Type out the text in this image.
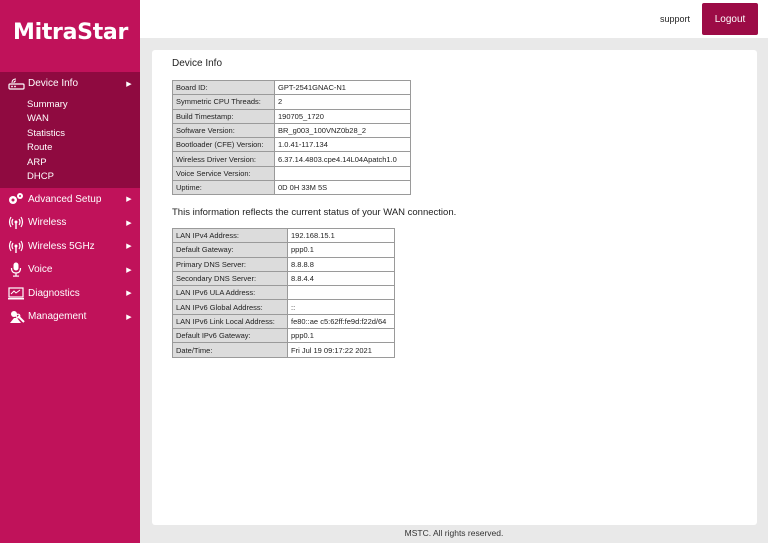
MitraStar
Device Info	▶
Summary
WAN
Statistics
Route
ARP
DHCP
Advanced Setup	▶
Wireless	▶
Wireless 5GHz	▶
Voice	▶
Diagnostics	▶
Management	▶
support	Logout
Device Info
Board ID:	GPT-2541GNAC-N1
Symmetric CPU Threads:	2
Build Timestamp:	190705_1720
Software Version:	BR_g003_100VNZ0b28_2
Bootloader (CFE) Version:	1.0.41-117.134
Wireless Driver Version:	6.37.14.4803.cpe4.14L04Apatch1.0
Voice Service Version:	
Uptime:	0D 0H 33M 5S
This information reflects the current status of your WAN connection.
LAN IPv4 Address:	192.168.15.1
Default Gateway:	ppp0.1
Primary DNS Server:	8.8.8.8
Secondary DNS Server:	8.8.4.4
LAN IPv6 ULA Address:	
LAN IPv6 Global Address:	::
LAN IPv6 Link Local Address:	fe80::ae c5:62ff:fe9d:f22d/64
Default IPv6 Gateway:	ppp0.1
Date/Time:	Fri Jul 19 09:17:22 2021
MSTC. All rights reserved.
